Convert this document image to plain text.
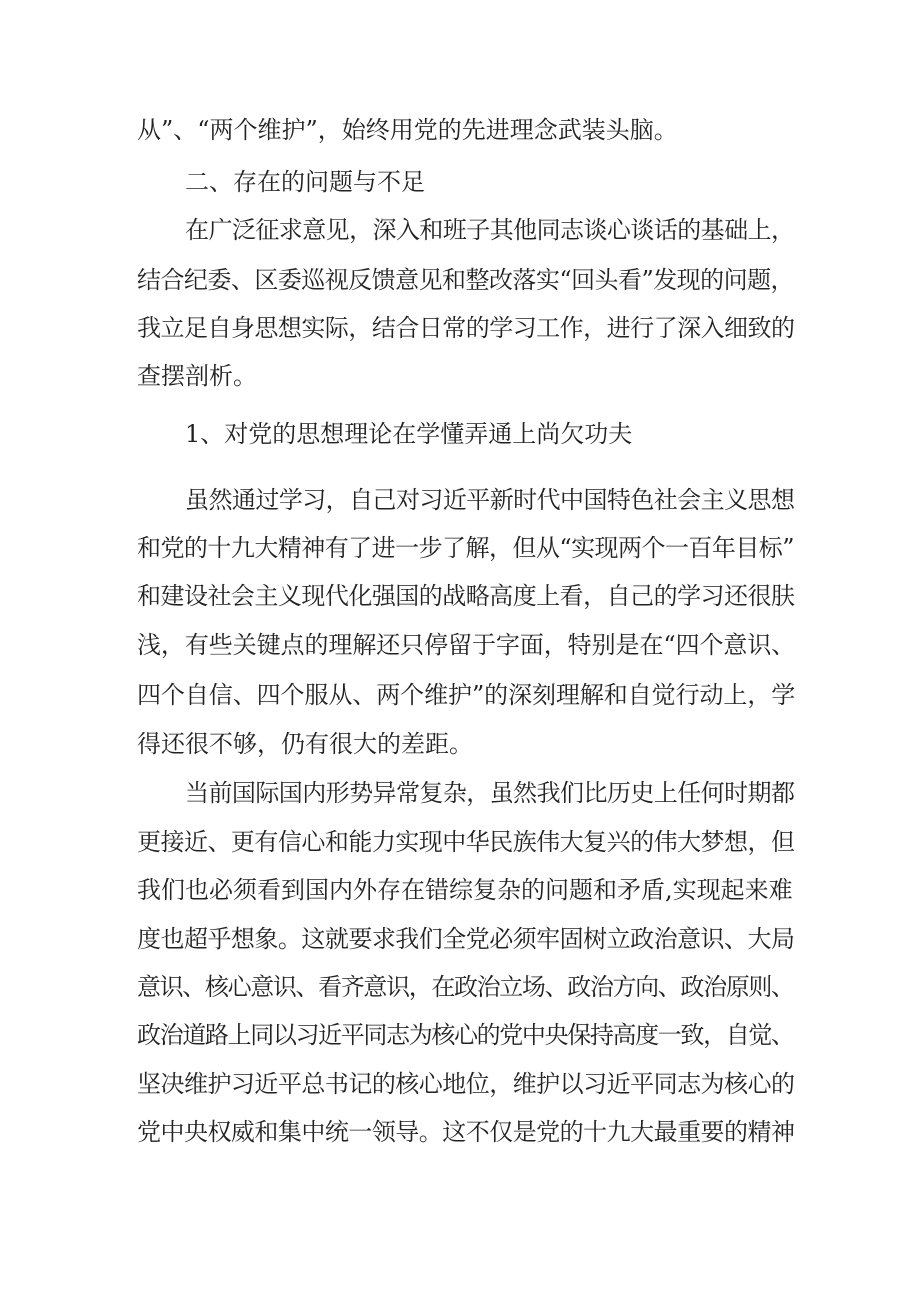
从”、“两个维护”，始终用党的先进理念武装头脑。

二、存在的问题与不足

在广泛征求意见，深入和班子其他同志谈心谈话的基础上，

结合纪委、区委巡视反馈意见和整改落实“回头看”发现的问题，

我立足自身思想实际，结合日常的学习工作，进行了深入细致的

查摆剖析。

1、对党的思想理论在学懂弄通上尚欠功夫

虽然通过学习，自己对习近平新时代中国特色社会主义思想

和党的十九大精神有了进一步了解，但从“实现两个一百年目标”

和建设社会主义现代化强国的战略高度上看，自己的学习还很肤

浅，有些关键点的理解还只停留于字面，特别是在“四个意识、

四个自信、四个服从、两个维护”的深刻理解和自觉行动上，学

得还很不够，仍有很大的差距。

当前国际国内形势异常复杂，虽然我们比历史上任何时期都

更接近、更有信心和能力实现中华民族伟大复兴的伟大梦想，但

我们也必须看到国内外存在错综复杂的问题和矛盾,实现起来难

度也超乎想象。这就要求我们全党必须牢固树立政治意识、大局

意识、核心意识、看齐意识，在政治立场、政治方向、政治原则、

政治道路上同以习近平同志为核心的党中央保持高度一致，自觉、

坚决维护习近平总书记的核心地位，维护以习近平同志为核心的

党中央权威和集中统一领导。这不仅是党的十九大最重要的精神
